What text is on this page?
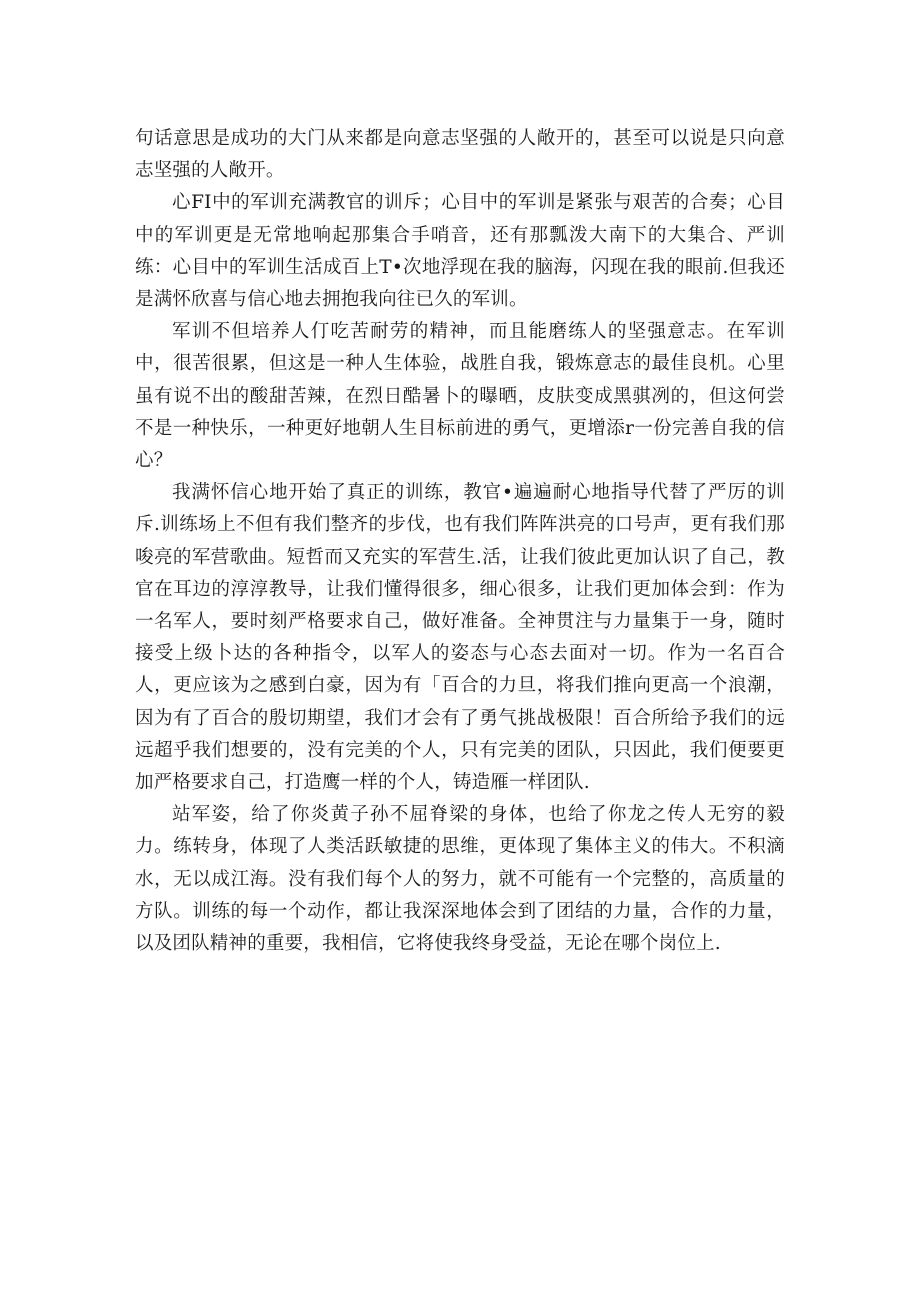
句话意思是成功的大门从来都是向意志坚强的人敞开的，甚至可以说是只向意志坚强的人敞开。

心FI中的军训充满教官的训斥；心目中的军训是紧张与艰苦的合奏；心目中的军训更是无常地响起那集合手哨音，还有那瓢泼大南下的大集合、严训练：心目中的军训生活成百上T•次地浮现在我的脑海，闪现在我的眼前.但我还是满怀欣喜与信心地去拥抱我向往已久的军训。

军训不但培养人仃吃苦耐劳的精神，而且能磨练人的坚强意志。在军训中，很苦很累，但这是一种人生体验，战胜自我，锻炼意志的最佳良机。心里虽有说不出的酸甜苦辣，在烈日酷暑卜的曝晒，皮肤变成黑骐冽的，但这何尝不是一种快乐，一种更好地朝人生目标前进的勇气，更增添r一份完善自我的信心？

我满怀信心地开始了真正的训练，教官•遍遍耐心地指导代替了严厉的训斥.训练场上不但有我们整齐的步伐，也有我们阵阵洪亮的口号声，更有我们那唆亮的军营歌曲。短哲而又充实的军营生.活，让我们彼此更加认识了自己，教官在耳边的淳淳教导，让我们懂得很多，细心很多，让我们更加体会到：作为一名军人，要时刻严格要求自己，做好准备。全神贯注与力量集于一身，随时接受上级卜达的各种指令，以军人的姿态与心态去面对一切。作为一名百合人，更应该为之感到白豪，因为有「百合的力旦，将我们推向更高一个浪潮，因为有了百合的殷切期望，我们才会有了勇气挑战极限！百合所给予我们的远远超乎我们想要的，没有完美的个人，只有完美的团队，只因此，我们便要更加严格要求自己，打造鹰一样的个人，铸造雁一样团队.

站军姿，给了你炎黄子孙不屈脊梁的身体，也给了你龙之传人无穷的毅力。练转身，体现了人类活跃敏捷的思维，更体现了集体主义的伟大。不积滴水，无以成江海。没有我们每个人的努力，就不可能有一个完整的，高质量的方队。训练的每一个动作，都让我深深地体会到了团结的力量，合作的力量，以及团队精神的重要，我相信，它将使我终身受益，无论在哪个岗位上.
